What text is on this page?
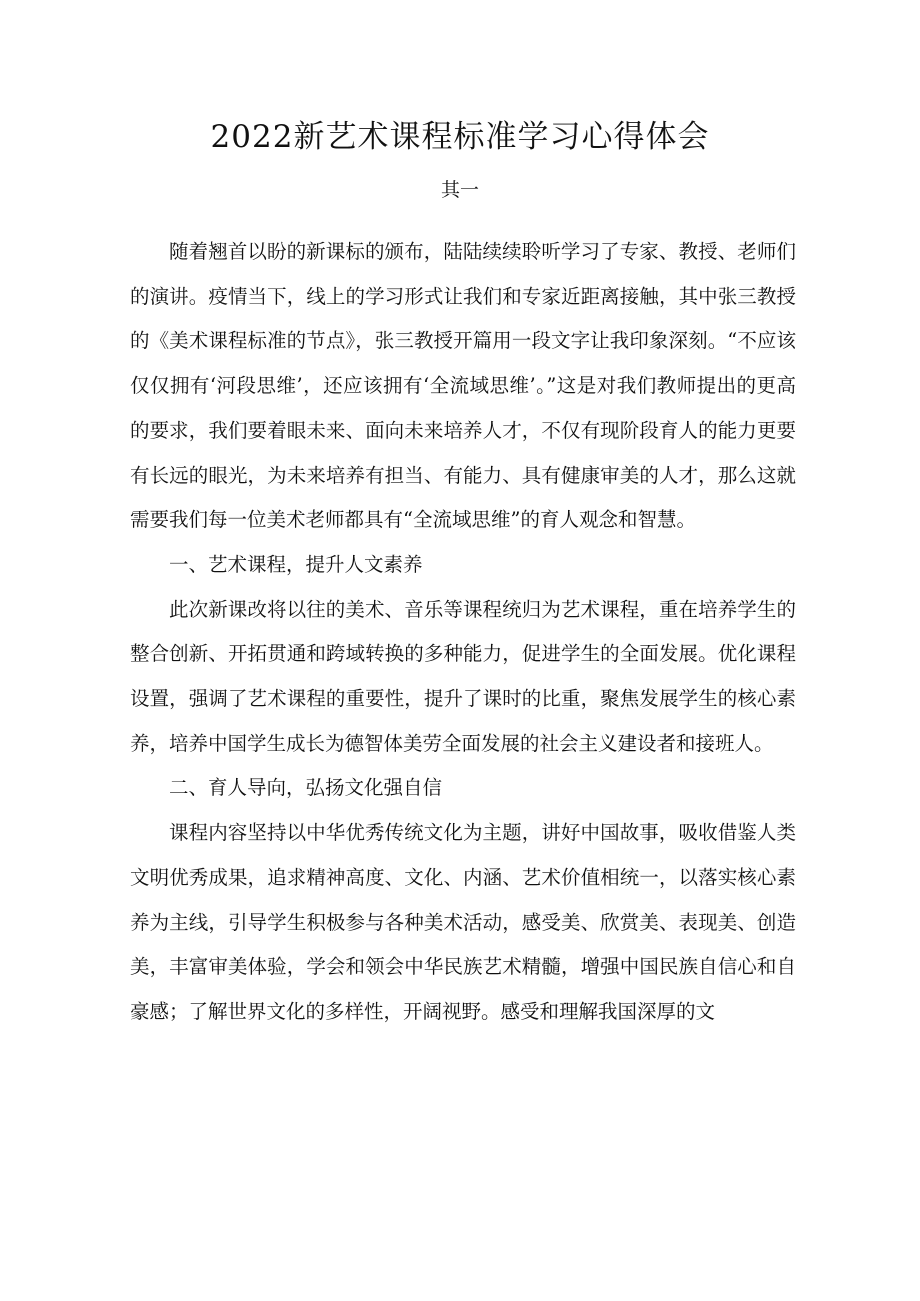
2022新艺术课程标准学习心得体会
其一

随着翘首以盼的新课标的颁布，陆陆续续聆听学习了专家、教授、老师们的演讲。疫情当下，线上的学习形式让我们和专家近距离接触，其中张三教授的《美术课程标准的节点》，张三教授开篇用一段文字让我印象深刻。“不应该仅仅拥有‘河段思维’，还应该拥有‘全流域思维’。”这是对我们教师提出的更高的要求，我们要着眼未来、面向未来培养人才，不仅有现阶段育人的能力更要有长远的眼光，为未来培养有担当、有能力、具有健康审美的人才，那么这就需要我们每一位美术老师都具有“全流域思维”的育人观念和智慧。

一、艺术课程，提升人文素养

此次新课改将以往的美术、音乐等课程统归为艺术课程，重在培养学生的整合创新、开拓贯通和跨域转换的多种能力，促进学生的全面发展。优化课程设置，强调了艺术课程的重要性，提升了课时的比重，聚焦发展学生的核心素养，培养中国学生成长为德智体美劳全面发展的社会主义建设者和接班人。

二、育人导向，弘扬文化强自信

课程内容坚持以中华优秀传统文化为主题，讲好中国故事，吸收借鉴人类文明优秀成果，追求精神高度、文化、内涵、艺术价值相统一，以落实核心素养为主线，引导学生积极参与各种美术活动，感受美、欣赏美、表现美、创造美，丰富审美体验，学会和领会中华民族艺术精髓，增强中国民族自信心和自豪感；了解世界文化的多样性，开阔视野。感受和理解我国深厚的文
